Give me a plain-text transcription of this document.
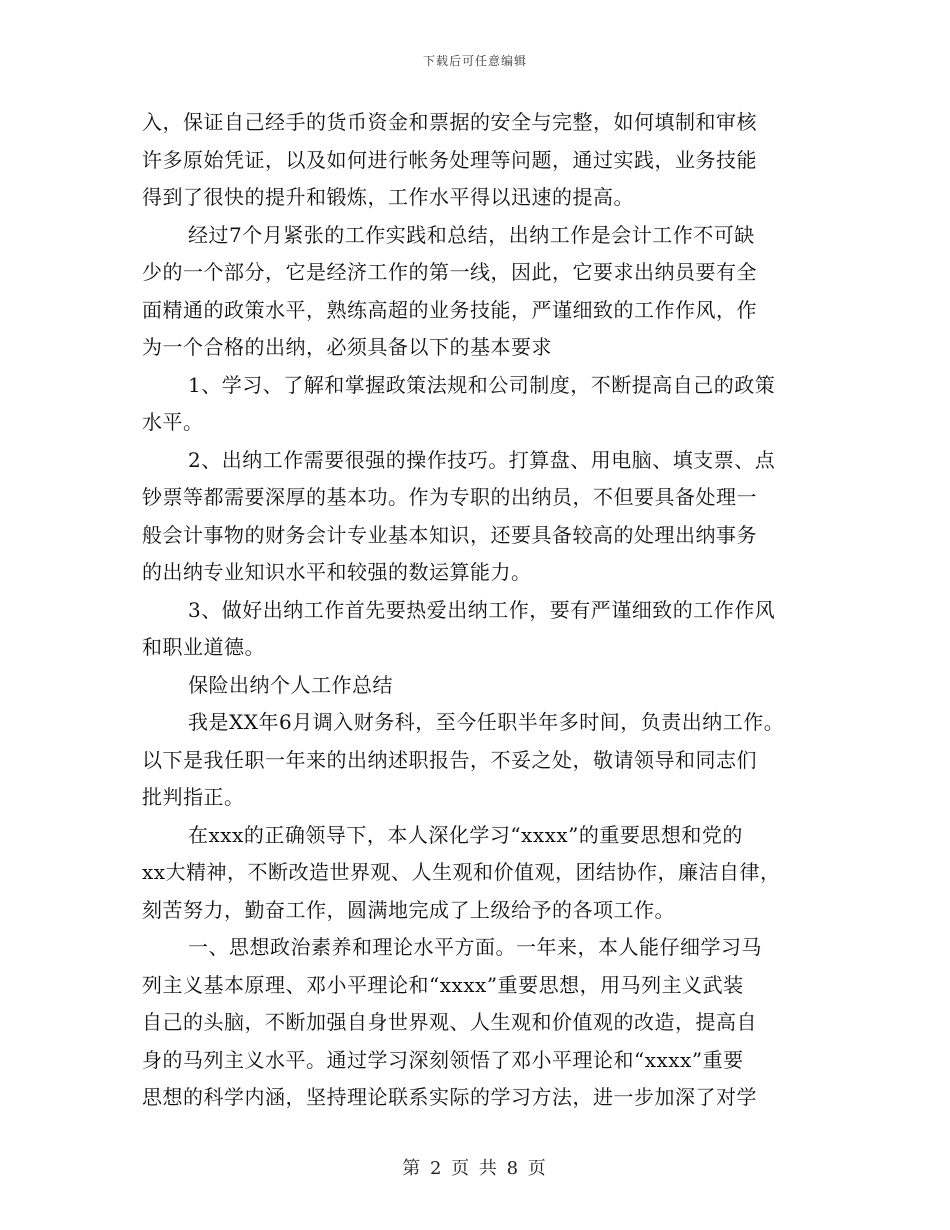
下载后可任意编辑
入，保证自己经手的货币资金和票据的安全与完整，如何填制和审核
许多原始凭证，以及如何进行帐务处理等问题，通过实践，业务技能
得到了很快的提升和锻炼，工作水平得以迅速的提高。
经过7个月紧张的工作实践和总结，出纳工作是会计工作不可缺
少的一个部分，它是经济工作的第一线，因此，它要求出纳员要有全
面精通的政策水平，熟练高超的业务技能，严谨细致的工作作风，作
为一个合格的出纳，必须具备以下的基本要求
1、学习、了解和掌握政策法规和公司制度，不断提高自己的政策
水平。
2、出纳工作需要很强的操作技巧。打算盘、用电脑、填支票、点
钞票等都需要深厚的基本功。作为专职的出纳员，不但要具备处理一
般会计事物的财务会计专业基本知识，还要具备较高的处理出纳事务
的出纳专业知识水平和较强的数运算能力。
3、做好出纳工作首先要热爱出纳工作，要有严谨细致的工作作风
和职业道德。
保险出纳个人工作总结
我是XX年6月调入财务科，至今任职半年多时间，负责出纳工作。
以下是我任职一年来的出纳述职报告，不妥之处，敬请领导和同志们
批判指正。
在xxx的正确领导下，本人深化学习“xxxx”的重要思想和党的
xx大精神，不断改造世界观、人生观和价值观，团结协作，廉洁自律，
刻苦努力，勤奋工作，圆满地完成了上级给予的各项工作。
一、思想政治素养和理论水平方面。一年来，本人能仔细学习马
列主义基本原理、邓小平理论和“xxxx”重要思想，用马列主义武装
自己的头脑，不断加强自身世界观、人生观和价值观的改造，提高自
身的马列主义水平。通过学习深刻领悟了邓小平理论和“xxxx”重要
思想的科学内涵，坚持理论联系实际的学习方法，进一步加深了对学
第 2 页 共 8 页
